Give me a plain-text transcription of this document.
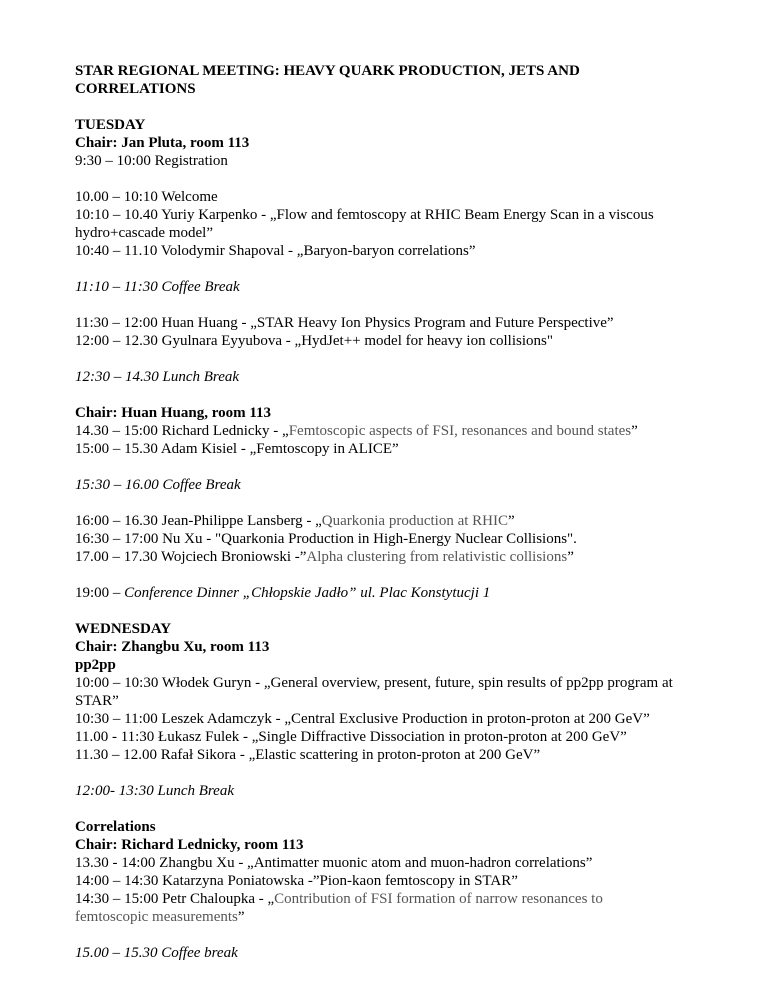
STAR REGIONAL MEETING: HEAVY QUARK PRODUCTION, JETS AND
CORRELATIONS
TUESDAY
Chair: Jan Pluta, room 113
9:30 – 10:00 Registration
10.00 – 10:10 Welcome
10:10 – 10.40 Yuriy Karpenko - „Flow and femtoscopy at RHIC Beam Energy Scan in a viscous
hydro+cascade model”
10:40 – 11.10 Volodymir Shapoval - „Baryon-baryon correlations”
11:10 – 11:30 Coffee Break
11:30 – 12:00 Huan Huang - „STAR Heavy Ion Physics Program and Future Perspective”
12:00 – 12.30 Gyulnara Eyyubova - „HydJet++ model for heavy ion collisions"
12:30 – 14.30 Lunch Break
Chair: Huan Huang, room 113
14.30 – 15:00 Richard Lednicky - „Femtoscopic aspects of FSI, resonances and bound states”
15:00 – 15.30 Adam Kisiel - „Femtoscopy in ALICE”
15:30 – 16.00 Coffee Break
16:00 – 16.30 Jean-Philippe Lansberg - „Quarkonia production at RHIC”
16:30 – 17:00 Nu Xu - "Quarkonia Production in High-Energy Nuclear Collisions".
17.00 – 17.30 Wojciech Broniowski -”Alpha clustering from relativistic collisions”
19:00 – Conference Dinner „Chłopskie Jadło” ul. Plac Konstytucji 1
WEDNESDAY
Chair: Zhangbu Xu, room 113
pp2pp
10:00 – 10:30 Włodek Guryn - „General overview, present, future, spin results of pp2pp program at
STAR”
10:30 – 11:00 Leszek Adamczyk - „Central Exclusive Production in proton-proton at 200 GeV”
11.00 - 11:30 Łukasz Fulek - „Single Diffractive Dissociation in proton-proton at 200 GeV”
11.30 – 12.00 Rafał Sikora - „Elastic scattering in proton-proton at 200 GeV”
12:00- 13:30 Lunch Break
Correlations
Chair: Richard Lednicky, room 113
13.30 - 14:00 Zhangbu Xu - „Antimatter muonic atom and muon-hadron correlations”
14:00 – 14:30 Katarzyna Poniatowska -”Pion-kaon femtoscopy in STAR”
14:30 – 15:00 Petr Chaloupka - „Contribution of FSI formation of narrow resonances to
femtoscopic measurements”
15.00 – 15.30 Coffee break
